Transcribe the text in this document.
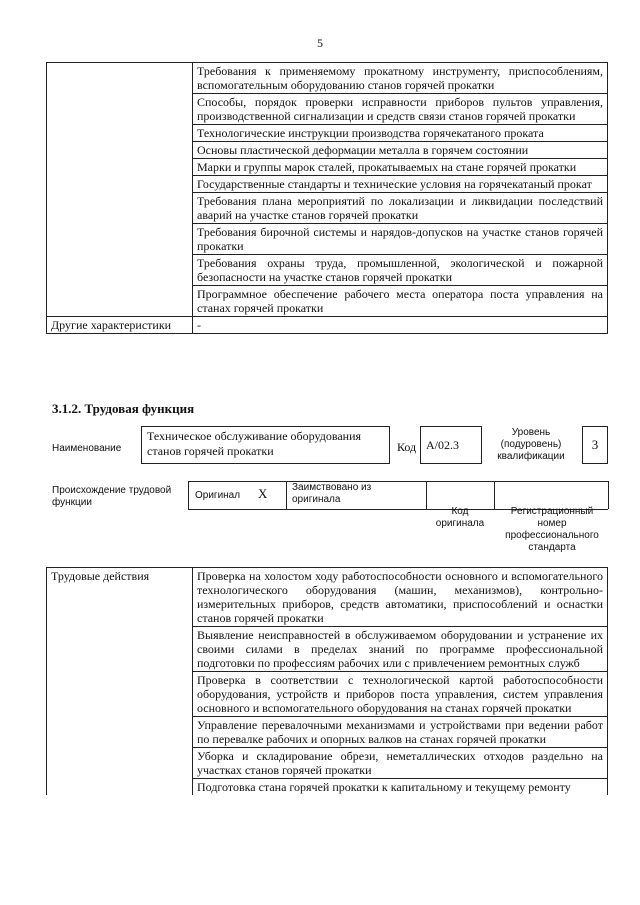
5
	Требования к применяемому прокатному инструменту, приспособлениям, вспомогательным оборудованию станов горячей прокатки
	Способы, порядок проверки исправности приборов пультов управления, производственной сигнализации и средств связи станов горячей прокатки
	Технологические инструкции производства горячекатаного проката
	Основы пластической деформации металла в горячем состоянии
	Марки и группы марок сталей, прокатываемых на стане горячей прокатки
	Государственные стандарты и технические условия на горячекатаный прокат
	Требования плана мероприятий по локализации и ликвидации последствий аварий на участке станов горячей прокатки
	Требования бирочной системы и нарядов-допусков на участке станов горячей прокатки
	Требования охраны труда, промышленной, экологической и пожарной безопасности на участке станов горячей прокатки
	Программное обеспечение рабочего места оператора поста управления на станах горячей прокатки
Другие характеристики	-
3.1.2. Трудовая функция
Наименование
Техническое обслуживание оборудования станов горячей прокатки	Код А/02.3
Уровень (подуровень) квалификации
3
Происхождение трудовой функции
Оригинал X Заимствовано из оригинала
Код оригинала
Регистрационный номер профессионального стандарта
Трудовые действия	Проверка на холостом ходу работоспособности основного и вспомогательного технологического оборудования (машин, механизмов), контрольно-измерительных приборов, средств автоматики, приспособлений и оснастки станов горячей прокатки
Выявление неисправностей в обслуживаемом оборудовании и устранение их своими силами в пределах знаний по программе профессиональной подготовки по профессиям рабочих или с привлечением ремонтных служб
Проверка в соответствии с технологической картой работоспособности оборудования, устройств и приборов поста управления, систем управления основного и вспомогательного оборудования на станах горячей прокатки
Управление перевалочными механизмами и устройствами при ведении работ по перевалке рабочих и опорных валков на станах горячей прокатки
Уборка и складирование обрези, неметаллических отходов раздельно на участках станов горячей прокатки
Подготовка стана горячей прокатки к капитальному и текущему ремонту
